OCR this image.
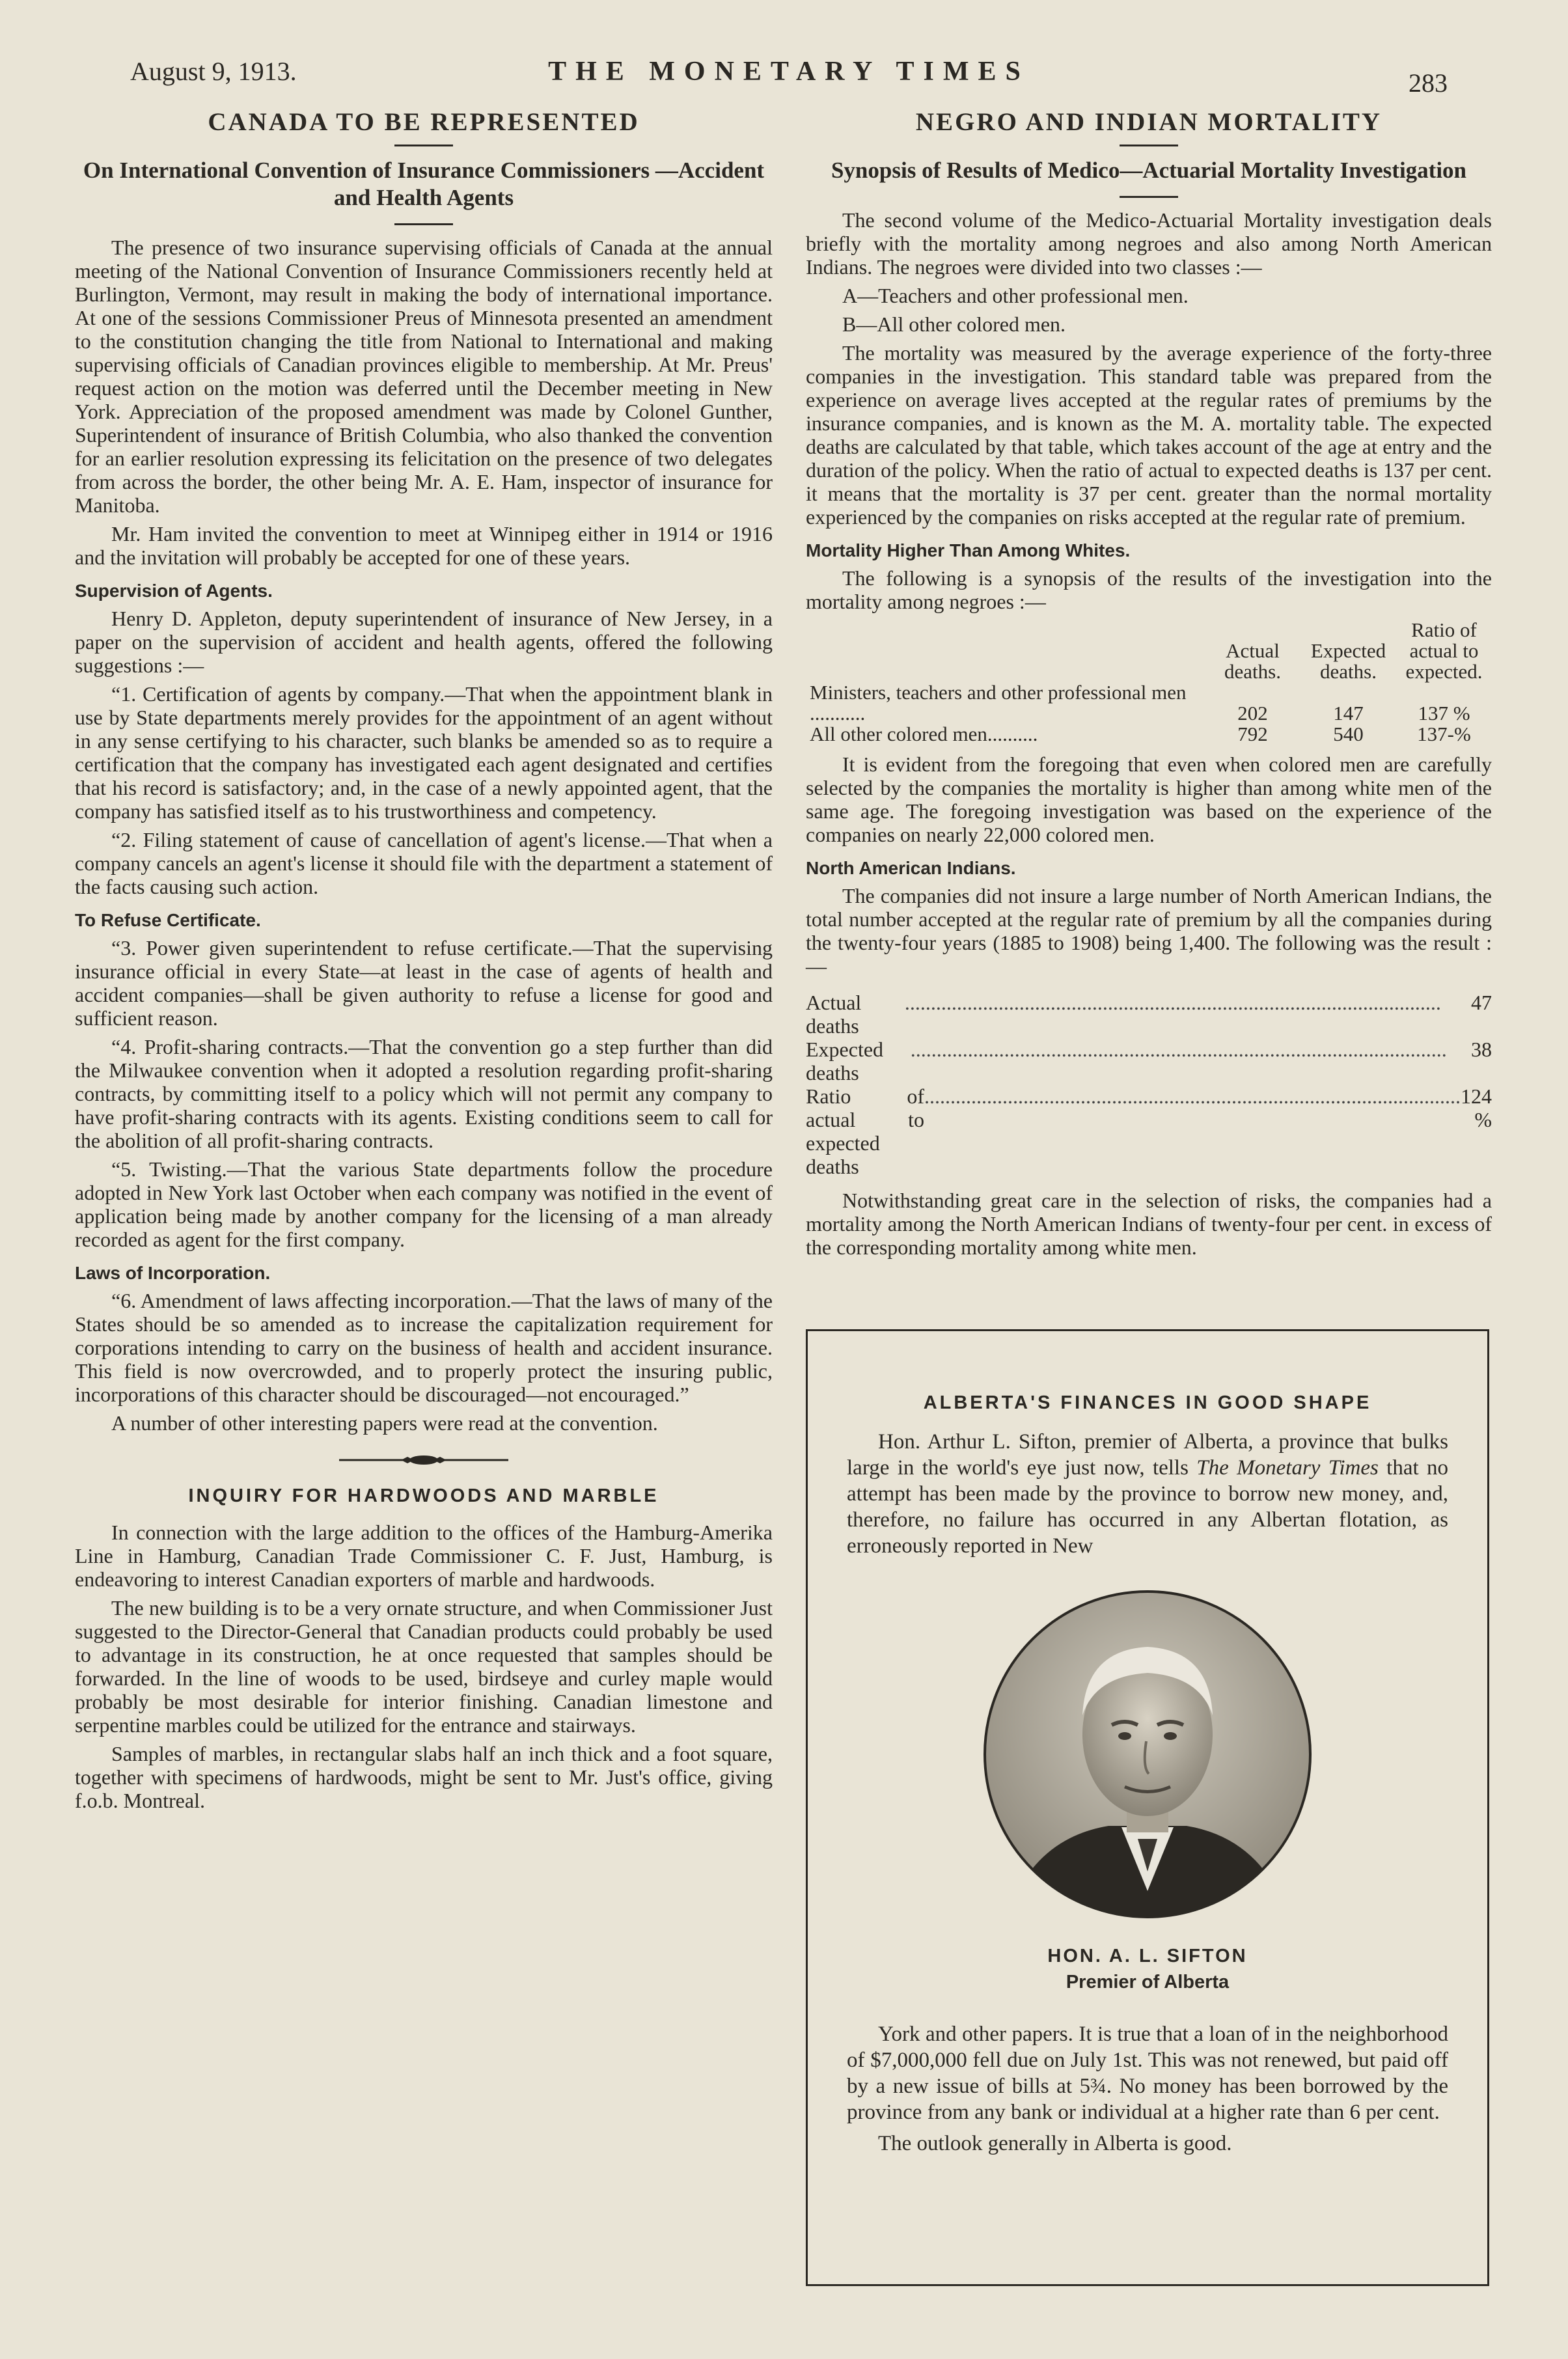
August 9, 1913.	THE MONETARY TIMES	283
CANADA TO BE REPRESENTED
On International Convention of Insurance Commissioners —Accident and Health Agents

The presence of two insurance supervising officials of Canada at the annual meeting of the National Convention of Insurance Commissioners recently held at Burlington, Vermont, may result in making the body of international importance. At one of the sessions Commissioner Preus of Minnesota presented an amendment to the constitution changing the title from National to International and making supervising officials of Canadian provinces eligible to membership. At Mr. Preus' request action on the motion was deferred until the December meeting in New York. Appreciation of the proposed amendment was made by Colonel Gunther, Superintendent of insurance of British Columbia, who also thanked the convention for an earlier resolution expressing its felicitation on the presence of two delegates from across the border, the other being Mr. A. E. Ham, inspector of insurance for Manitoba.

Mr. Ham invited the convention to meet at Winnipeg either in 1914 or 1916 and the invitation will probably be accepted for one of these years.

Supervision of Agents.

Henry D. Appleton, deputy superintendent of insurance of New Jersey, in a paper on the supervision of accident and health agents, offered the following suggestions :—

“1. Certification of agents by company.—That when the appointment blank in use by State departments merely provides for the appointment of an agent without in any sense certifying to his character, such blanks be amended so as to require a certification that the company has investigated each agent designated and certifies that his record is satisfactory; and, in the case of a newly appointed agent, that the company has satisfied itself as to his trustworthiness and competency.

“2. Filing statement of cause of cancellation of agent's license.—That when a company cancels an agent's license it should file with the department a statement of the facts causing such action.

To Refuse Certificate.

“3. Power given superintendent to refuse certificate.—That the supervising insurance official in every State—at least in the case of agents of health and accident companies—shall be given authority to refuse a license for good and sufficient reason.

“4. Profit-sharing contracts.—That the convention go a step further than did the Milwaukee convention when it adopted a resolution regarding profit-sharing contracts, by committing itself to a policy which will not permit any company to have profit-sharing contracts with its agents. Existing conditions seem to call for the abolition of all profit-sharing contracts.

“5. Twisting.—That the various State departments follow the procedure adopted in New York last October when each company was notified in the event of application being made by another company for the licensing of a man already recorded as agent for the first company.

Laws of Incorporation.

“6. Amendment of laws affecting incorporation.—That the laws of many of the States should be so amended as to increase the capitalization requirement for corporations intending to carry on the business of health and accident insurance. This field is now overcrowded, and to properly protect the insuring public, incorporations of this character should be discouraged—not encouraged.”

A number of other interesting papers were read at the convention.

INQUIRY FOR HARDWOODS AND MARBLE

In connection with the large addition to the offices of the Hamburg-Amerika Line in Hamburg, Canadian Trade Commissioner C. F. Just, Hamburg, is endeavoring to interest Canadian exporters of marble and hardwoods.

The new building is to be a very ornate structure, and when Commissioner Just suggested to the Director-General that Canadian products could probably be used to advantage in its construction, he at once requested that samples should be forwarded. In the line of woods to be used, birdseye and curley maple would probably be most desirable for interior finishing. Canadian limestone and serpentine marbles could be utilized for the entrance and stairways.

Samples of marbles, in rectangular slabs half an inch thick and a foot square, together with specimens of hardwoods, might be sent to Mr. Just's office, giving f.o.b. Montreal.

NEGRO AND INDIAN MORTALITY
Synopsis of Results of Medico—Actuarial Mortality Investigation

The second volume of the Medico-Actuarial Mortality investigation deals briefly with the mortality among negroes and also among North American Indians. The negroes were divided into two classes :—

A—Teachers and other professional men.

B—All other colored men.

The mortality was measured by the average experience of the forty-three companies in the investigation. This standard table was prepared from the experience on average lives accepted at the regular rates of premiums by the insurance companies, and is known as the M. A. mortality table. The expected deaths are calculated by that table, which takes account of the age at entry and the duration of the policy. When the ratio of actual to expected deaths is 137 per cent. it means that the mortality is 37 per cent. greater than the normal mortality experienced by the companies on risks accepted at the regular rate of premium.

Mortality Higher Than Among Whites.

The following is a synopsis of the results of the investigation into the mortality among negroes :—

	Actual deaths.	Expected deaths.	Ratio of actual to expected.
Ministers, teachers and other professional men ...........	202	147	137 %
All other colored men..........	792	540	137-%

It is evident from the foregoing that even when colored men are carefully selected by the companies the mortality is higher than among white men of the same age. The foregoing investigation was based on the experience of the companies on nearly 22,000 colored men.

North American Indians.

The companies did not insure a large number of North American Indians, the total number accepted at the regular rate of premium by all the companies during the twenty-four years (1885 to 1908) being 1,400. The following was the result :—

Actual deaths
.......................................................................................................	47
Expected deaths
.......................................................................................................	38
Ratio of actual to expected deaths
....................................................................................................... 124 %

Notwithstanding great care in the selection of risks, the companies had a mortality among the North American Indians of twenty-four per cent. in excess of the corresponding mortality among white men.

ALBERTA'S FINANCES IN GOOD SHAPE

Hon. Arthur L. Sifton, premier of Alberta, a province that bulks large in the world's eye just now, tells The Monetary Times that no attempt has been made by the province to borrow new money, and, therefore, no failure has occurred in any Albertan flotation, as erroneously reported in New

HON. A. L. SIFTON
Premier of Alberta

York and other papers. It is true that a loan of in the neighborhood of $7,000,000 fell due on July 1st. This was not renewed, but paid off by a new issue of bills at 5¾. No money has been borrowed by the province from any bank or individual at a higher rate than 6 per cent.

The outlook generally in Alberta is good.
